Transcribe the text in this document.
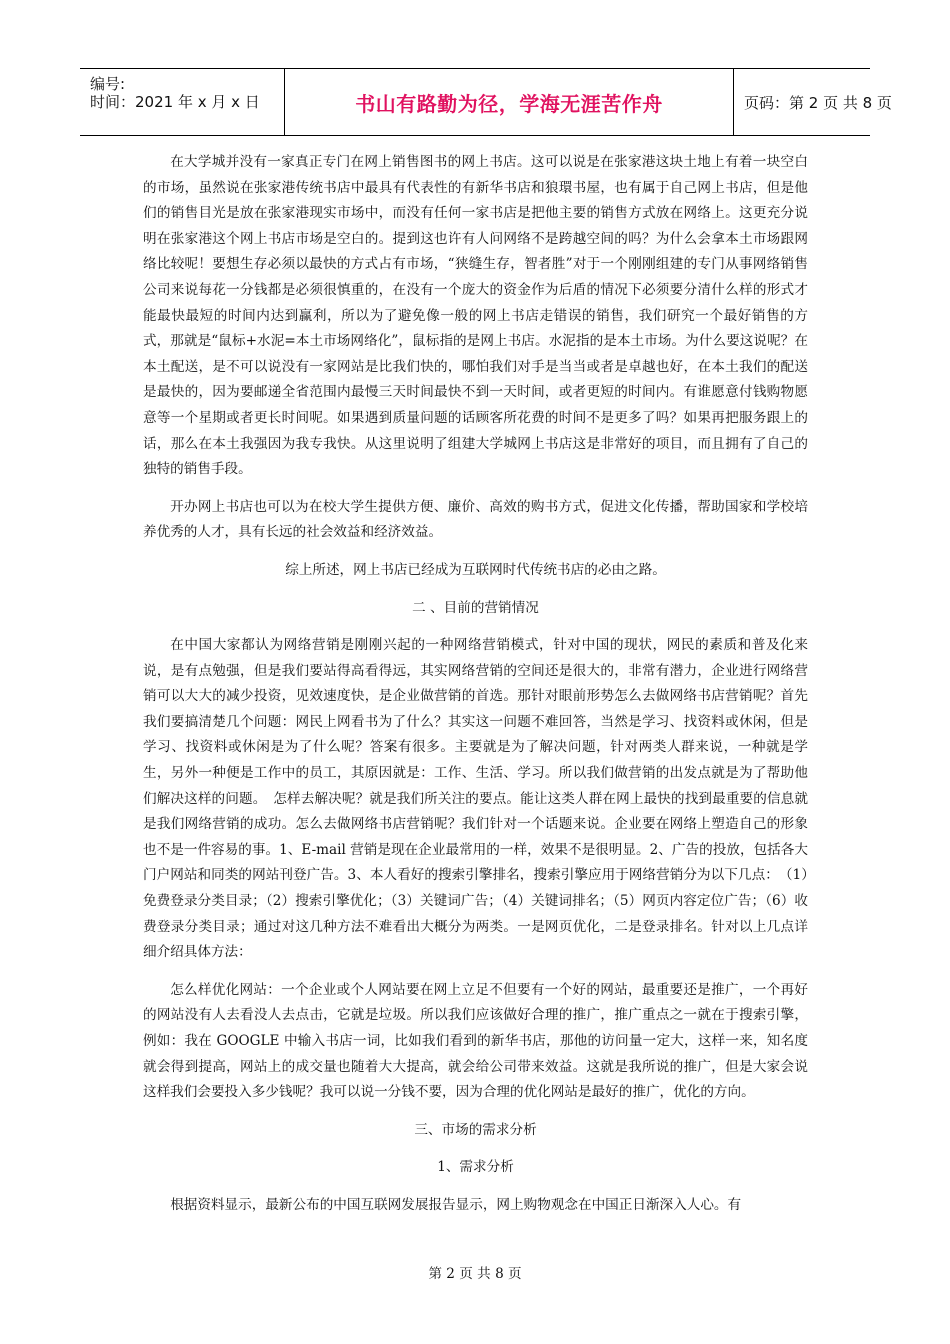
编号:
时间：2021 年 x 月 x 日	书山有路勤为径，学海无涯苦作舟	页码：第 2 页 共 8 页

在大学城并没有一家真正专门在网上销售图书的网上书店。这可以说是在张家港这块土地上有着一块空白的市场，虽然说在张家港传统书店中最具有代表性的有新华书店和狼環书屋，也有属于自己网上书店，但是他们的销售目光是放在张家港现实市场中，而没有任何一家书店是把他主要的销售方式放在网络上。这更充分说明在张家港这个网上书店市场是空白的。提到这也许有人问网络不是跨越空间的吗？为什么会拿本土市场跟网络比较呢！要想生存必须以最快的方式占有市场，“狭缝生存，智者胜”对于一个刚刚组建的专门从事网络销售公司来说每花一分钱都是必须很慎重的，在没有一个庞大的资金作为后盾的情况下必须要分清什么样的形式才能最快最短的时间内达到赢利，所以为了避免像一般的网上书店走错误的销售，我们研究一个最好销售的方式，那就是“鼠标+水泥=本土市场网络化”，鼠标指的是网上书店。水泥指的是本土市场。为什么要这说呢？在本土配送，是不可以说没有一家网站是比我们快的，哪怕我们对手是当当或者是卓越也好，在本土我们的配送是最快的，因为要邮递全省范围内最慢三天时间最快不到一天时间，或者更短的时间内。有谁愿意付钱购物愿意等一个星期或者更长时间呢。如果遇到质量问题的话顾客所花费的时间不是更多了吗？如果再把服务跟上的话，那么在本土我强因为我专我快。从这里说明了组建大学城网上书店这是非常好的项目，而且拥有了自己的独特的销售手段。

开办网上书店也可以为在校大学生提供方便、廉价、高效的购书方式，促进文化传播，帮助国家和学校培养优秀的人才，具有长远的社会效益和经济效益。

综上所述，网上书店已经成为互联网时代传统书店的必由之路。

二 、目前的营销情况

在中国大家都认为网络营销是刚刚兴起的一种网络营销模式，针对中国的现状，网民的素质和普及化来说，是有点勉强，但是我们要站得高看得远，其实网络营销的空间还是很大的，非常有潜力，企业进行网络营销可以大大的减少投资，见效速度快，是企业做营销的首选。那针对眼前形势怎么去做网络书店营销呢？首先我们要搞清楚几个问题：网民上网看书为了什么？其实这一问题不难回答，当然是学习、找资料或休闲，但是学习、找资料或休闲是为了什么呢？答案有很多。主要就是为了解决问题，针对两类人群来说，一种就是学生，另外一种便是工作中的员工，其原因就是：工作、生活、学习。所以我们做营销的出发点就是为了帮助他们解决这样的问题。　怎样去解决呢？就是我们所关注的要点。能让这类人群在网上最快的找到最重要的信息就是我们网络营销的成功。怎么去做网络书店营销呢？我们针对一个话题来说。企业要在网络上塑造自己的形象也不是一件容易的事。1、E-mail 营销是现在企业最常用的一样，效果不是很明显。2、广告的投放，包括各大门户网站和同类的网站刊登广告。3、本人看好的搜索引擎排名，搜索引擎应用于网络营销分为以下几点：　（1）免费登录分类目录；（2）搜索引擎优化；（3）关键词广告；（4）关键词排名；（5）网页内容定位广告；（6）收费登录分类目录；通过对这几种方法不难看出大概分为两类。一是网页优化，二是登录排名。针对以上几点详细介绍具体方法：

怎么样优化网站：一个企业或个人网站要在网上立足不但要有一个好的网站，最重要还是推广，一个再好的网站没有人去看没人去点击，它就是垃圾。所以我们应该做好合理的推广，推广重点之一就在于搜索引擎，例如：我在 GOOGLE 中输入书店一词，比如我们看到的新华书店，那他的访问量一定大，这样一来，知名度就会得到提高，网站上的成交量也随着大大提高，就会给公司带来效益。这就是我所说的推广，但是大家会说这样我们会要投入多少钱呢？我可以说一分钱不要，因为合理的优化网站是最好的推广，优化的方向。

三、市场的需求分析

1、需求分析

根据资料显示，最新公布的中国互联网发展报告显示，网上购物观念在中国正日渐深入人心。有

第 2 页 共 8 页
